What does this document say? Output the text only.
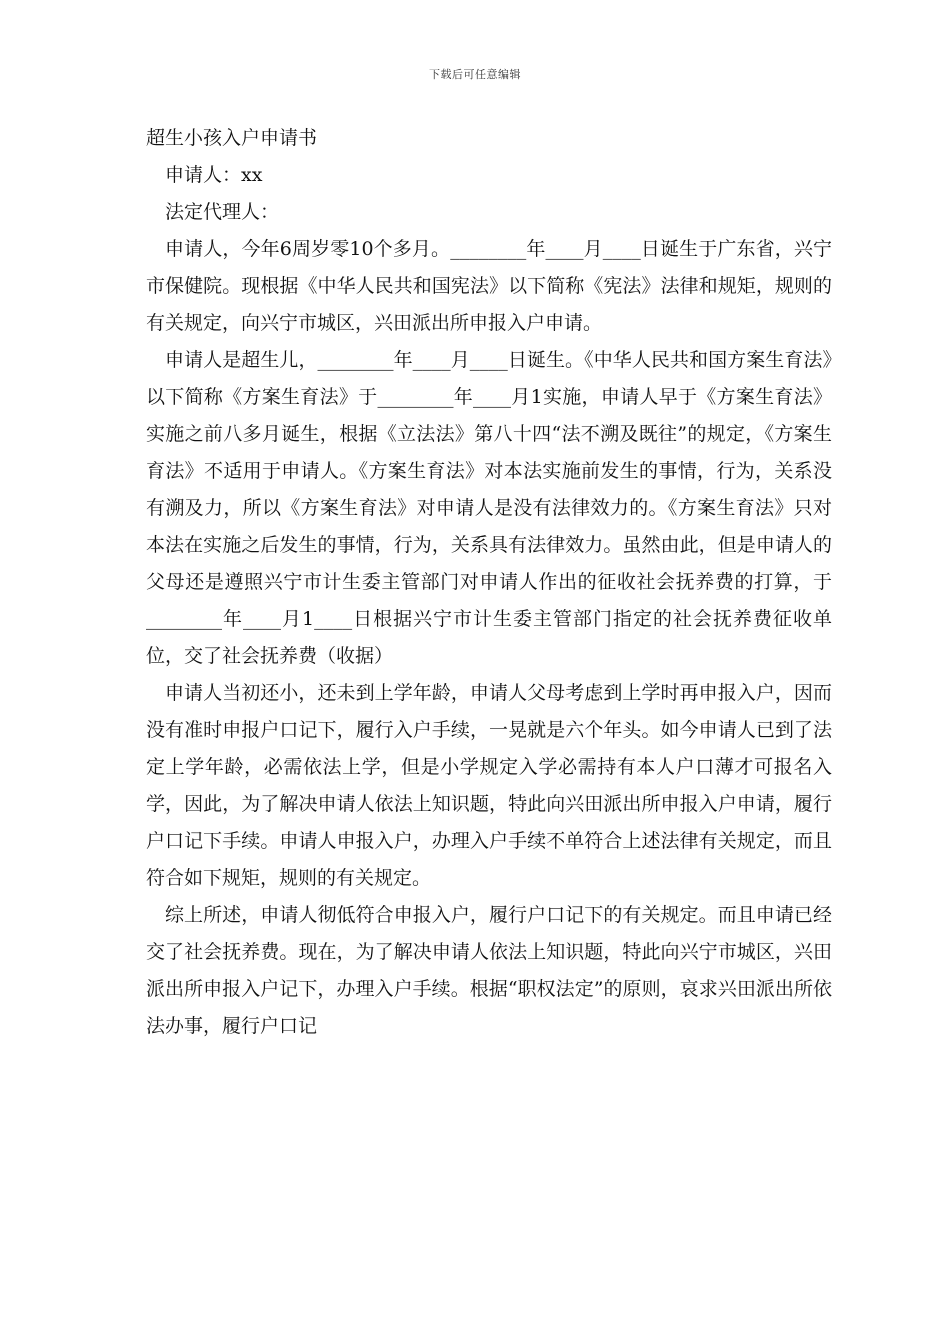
下载后可任意编辑

超生小孩入户申请书

申请人：xx

法定代理人：

申请人，今年6周岁零10个多月。________年____月____日诞生于广东省，兴宁市保健院。现根据《中华人民共和国宪法》以下简称《宪法》法律和规矩，规则的有关规定，向兴宁市城区，兴田派出所申报入户申请。

申请人是超生儿，________年____月____日诞生。《中华人民共和国方案生育法》以下简称《方案生育法》于________年____月1实施，申请人早于《方案生育法》实施之前八多月诞生，根据《立法法》第八十四“法不溯及既往”的规定，《方案生育法》不适用于申请人。《方案生育法》对本法实施前发生的事情，行为，关系没有溯及力，所以《方案生育法》对申请人是没有法律效力的。《方案生育法》只对本法在实施之后发生的事情，行为，关系具有法律效力。虽然由此，但是申请人的父母还是遵照兴宁市计生委主管部门对申请人作出的征收社会抚养费的打算，于________年____月1____日根据兴宁市计生委主管部门指定的社会抚养费征收单位，交了社会抚养费（收据）

申请人当初还小，还未到上学年龄，申请人父母考虑到上学时再申报入户，因而没有准时申报户口记下，履行入户手续，一晃就是六个年头。如今申请人已到了法定上学年龄，必需依法上学，但是小学规定入学必需持有本人户口薄才可报名入学，因此，为了解决申请人依法上知识题，特此向兴田派出所申报入户申请，履行户口记下手续。申请人申报入户，办理入户手续不单符合上述法律有关规定，而且符合如下规矩，规则的有关规定。

综上所述，申请人彻低符合申报入户，履行户口记下的有关规定。而且申请已经交了社会抚养费。现在，为了解决申请人依法上知识题，特此向兴宁市城区，兴田派出所申报入户记下，办理入户手续。根据“职权法定”的原则，哀求兴田派出所依法办事，履行户口记
